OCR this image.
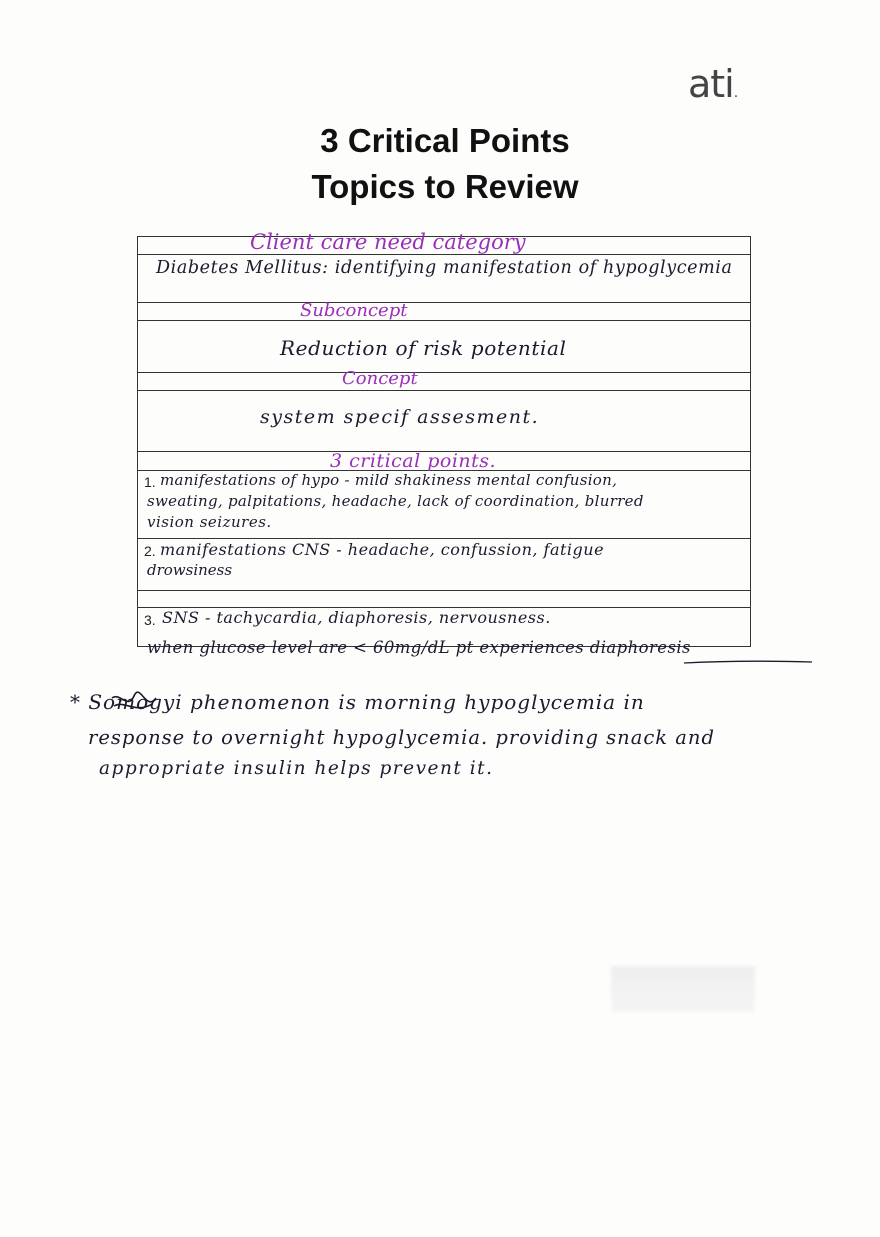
ati.
3 Critical Points
Topics to Review
Client care need category
Diabetes Mellitus: identifying manifestation of hypoglycemia
Subconcept
Reduction of risk potential
Concept
system specif assesment.
3 critical points.
1. manifestations of hypo - mild shakiness mental confusion,
sweating, palpitations, headache, lack of coordination, blurred
vision seizures.
2. manifestations CNS - headache, confussion, fatigue
drowsiness
3. SNS - tachycardia, diaphoresis, nervousness.
when glucose level are < 60mg/dL pt experiences diaphoresis
* Somogyi phenomenon is morning hypoglycemia in
response to overnight hypoglycemia. providing snack and
appropriate insulin helps prevent it.
